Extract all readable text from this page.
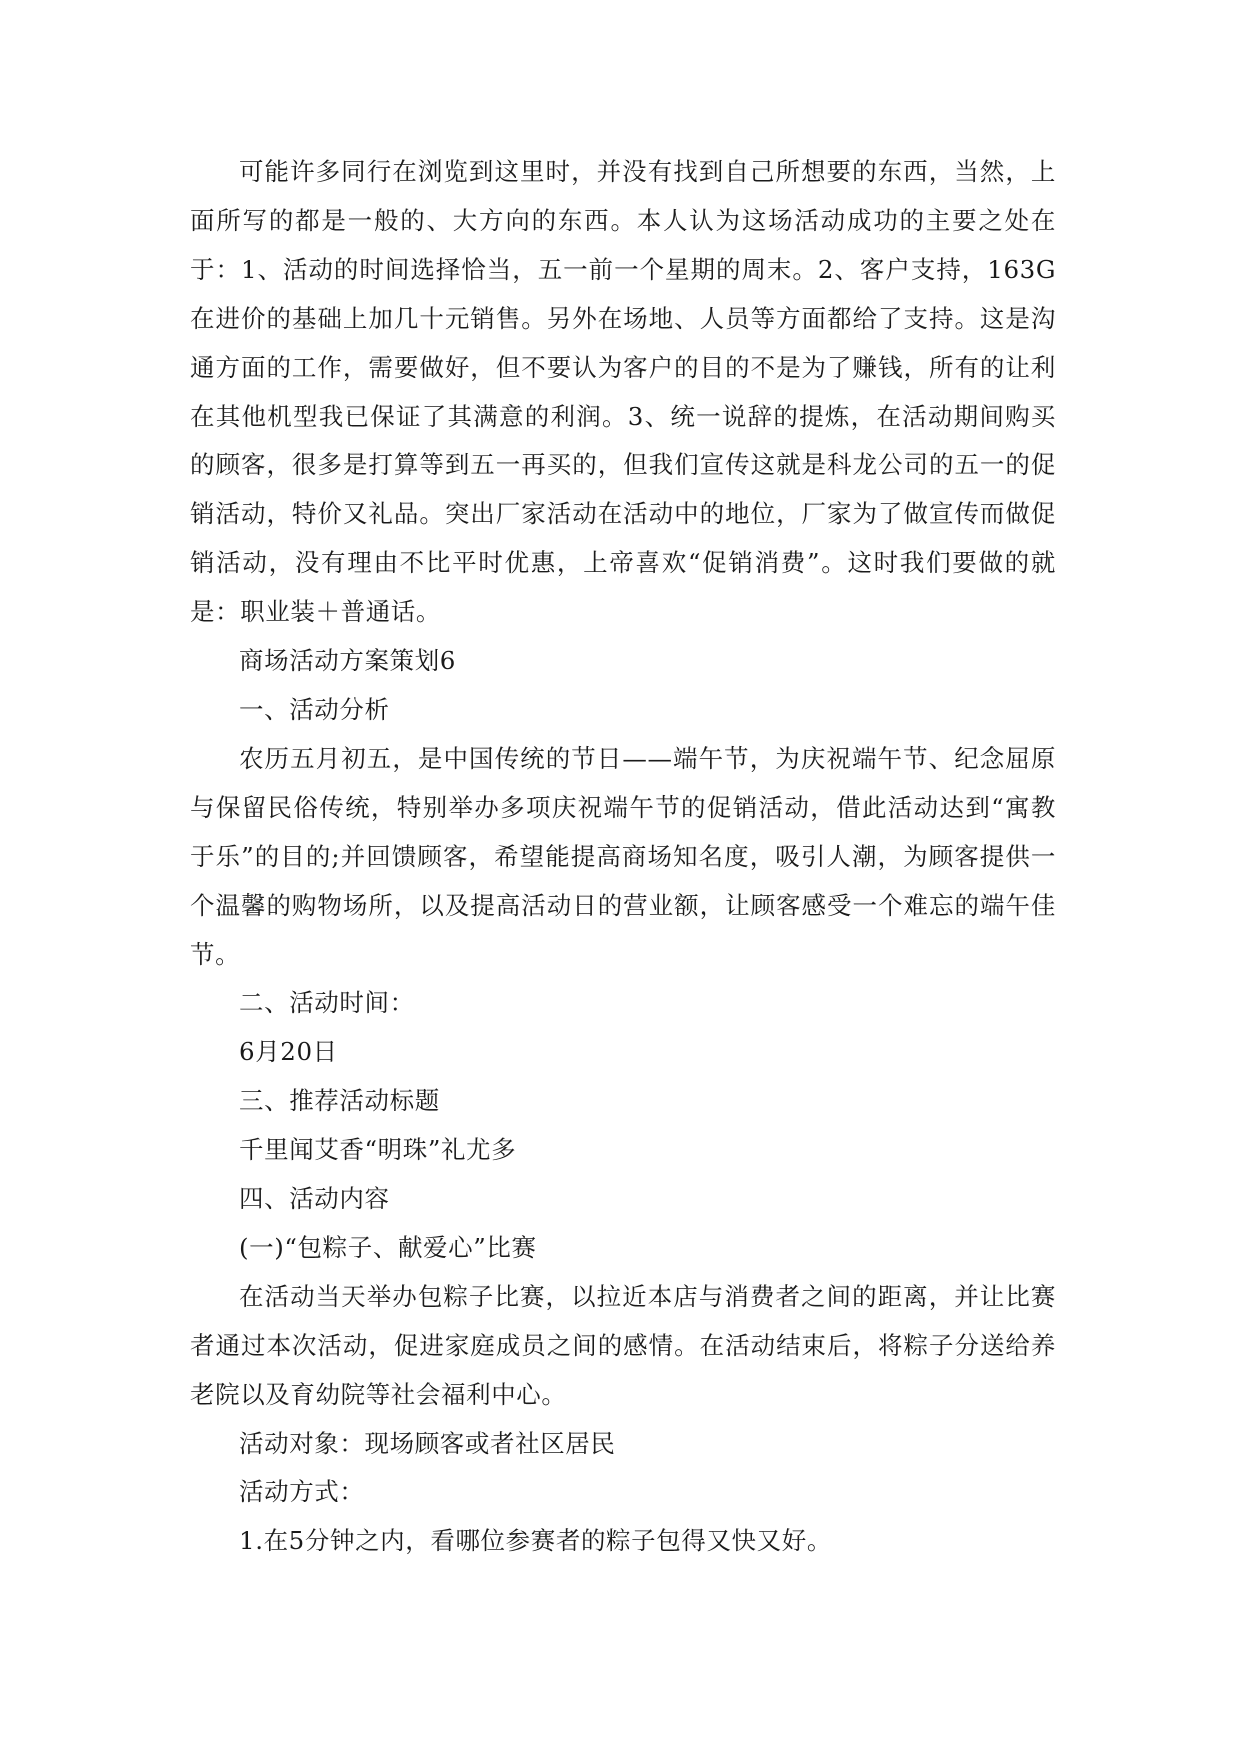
可能许多同行在浏览到这里时，并没有找到自己所想要的东西，当然，上面所写的都是一般的、大方向的东西。本人认为这场活动成功的主要之处在于：1、活动的时间选择恰当，五一前一个星期的周末。2、客户支持，163G在进价的基础上加几十元销售。另外在场地、人员等方面都给了支持。这是沟通方面的工作，需要做好，但不要认为客户的目的不是为了赚钱，所有的让利在其他机型我已保证了其满意的利润。3、统一说辞的提炼，在活动期间购买的顾客，很多是打算等到五一再买的，但我们宣传这就是科龙公司的五一的促销活动，特价又礼品。突出厂家活动在活动中的地位，厂家为了做宣传而做促销活动，没有理由不比平时优惠，上帝喜欢“促销消费”。这时我们要做的就是：职业装＋普通话。

商场活动方案策划6

一、活动分析

农历五月初五，是中国传统的节日——端午节，为庆祝端午节、纪念屈原与保留民俗传统，特别举办多项庆祝端午节的促销活动，借此活动达到“寓教于乐”的目的;并回馈顾客，希望能提高商场知名度，吸引人潮，为顾客提供一个温馨的购物场所，以及提高活动日的营业额，让顾客感受一个难忘的端午佳节。

二、活动时间：

6月20日

三、推荐活动标题

千里闻艾香“明珠”礼尤多

四、活动内容

(一)“包粽子、献爱心”比赛

在活动当天举办包粽子比赛，以拉近本店与消费者之间的距离，并让比赛者通过本次活动，促进家庭成员之间的感情。在活动结束后，将粽子分送给养老院以及育幼院等社会福利中心。

活动对象：现场顾客或者社区居民

活动方式：

1.在5分钟之内，看哪位参赛者的粽子包得又快又好。
